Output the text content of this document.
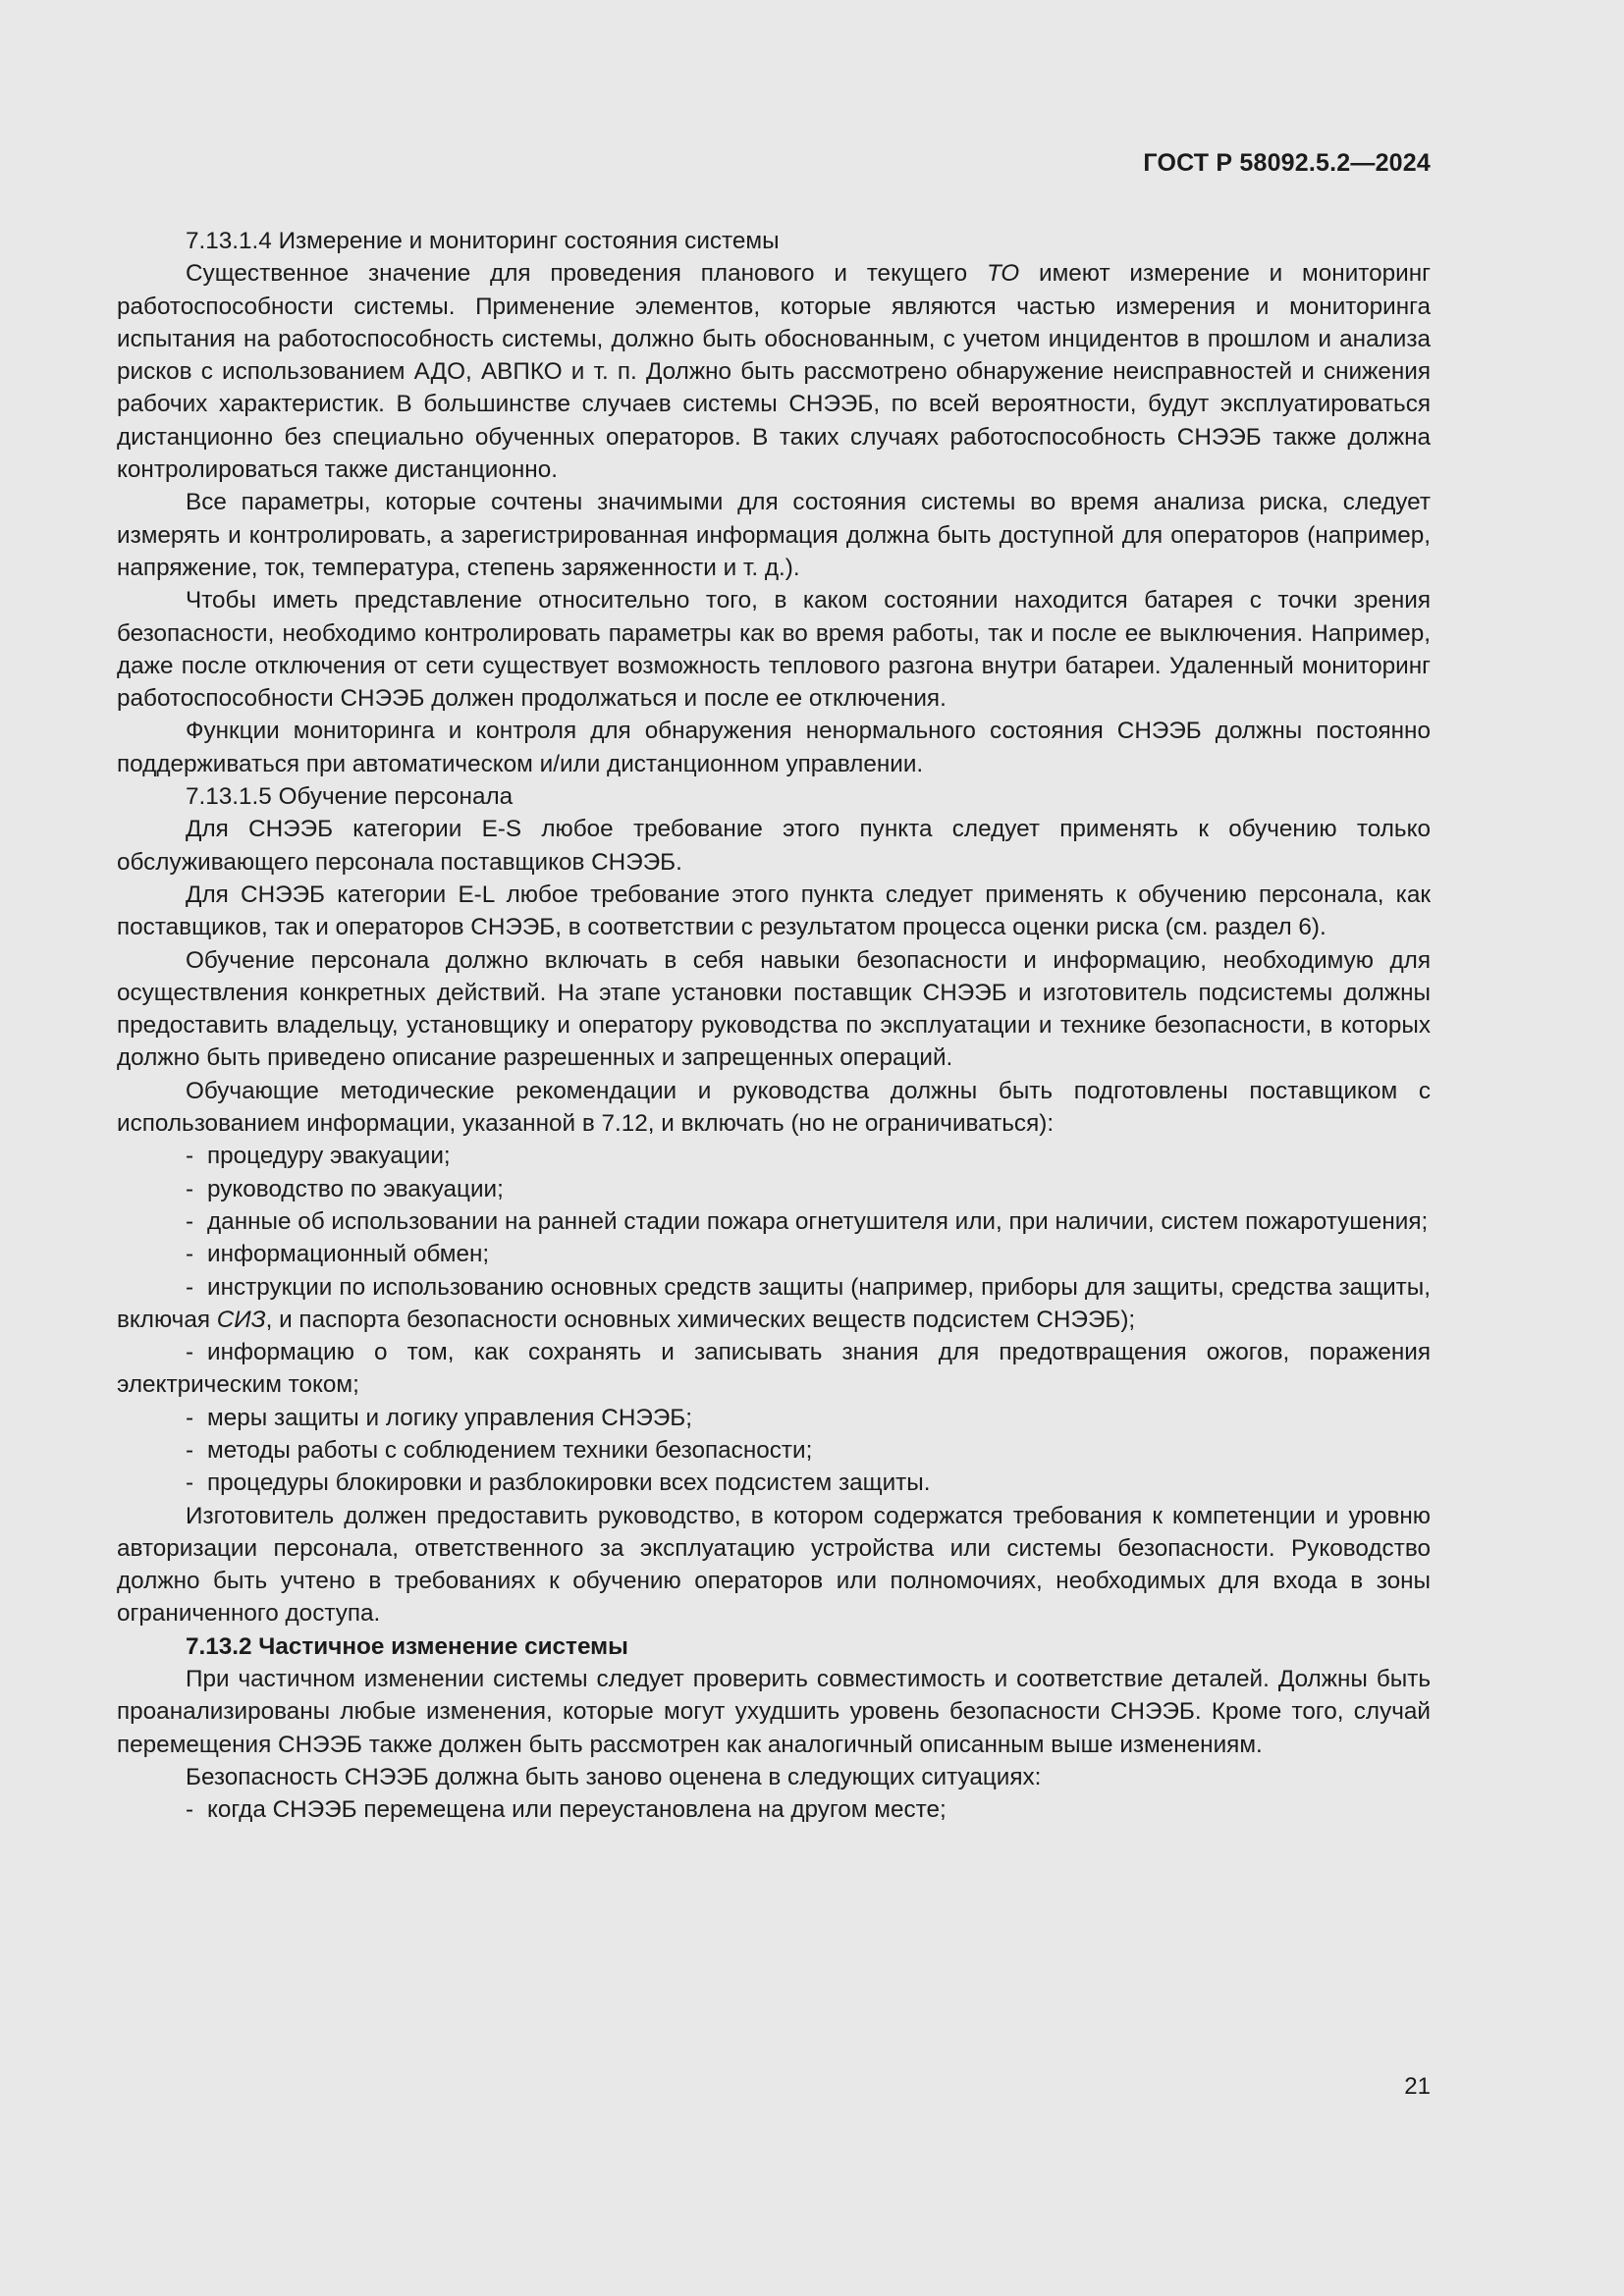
ГОСТ Р 58092.5.2—2024

7.13.1.4 Измерение и мониторинг состояния системы

Существенное значение для проведения планового и текущего ТО имеют измерение и мониторинг работоспособности системы. Применение элементов, которые являются частью измерения и мониторинга испытания на работоспособность системы, должно быть обоснованным, с учетом инцидентов в прошлом и анализа рисков с использованием АДО, АВПКО и т. п. Должно быть рассмотрено обнаружение неисправностей и снижения рабочих характеристик. В большинстве случаев системы СНЭЭБ, по всей вероятности, будут эксплуатироваться дистанционно без специально обученных операторов. В таких случаях работоспособность СНЭЭБ также должна контролироваться также дистанционно.

Все параметры, которые сочтены значимыми для состояния системы во время анализа риска, следует измерять и контролировать, а зарегистрированная информация должна быть доступной для операторов (например, напряжение, ток, температура, степень заряженности и т. д.).

Чтобы иметь представление относительно того, в каком состоянии находится батарея с точки зрения безопасности, необходимо контролировать параметры как во время работы, так и после ее выключения. Например, даже после отключения от сети существует возможность теплового разгона внутри батареи. Удаленный мониторинг работоспособности СНЭЭБ должен продолжаться и после ее отключения.

Функции мониторинга и контроля для обнаружения ненормального состояния СНЭЭБ должны постоянно поддерживаться при автоматическом и/или дистанционном управлении.

7.13.1.5 Обучение персонала

Для СНЭЭБ категории E-S любое требование этого пункта следует применять к обучению только обслуживающего персонала поставщиков СНЭЭБ.

Для СНЭЭБ категории E-L любое требование этого пункта следует применять к обучению персонала, как поставщиков, так и операторов СНЭЭБ, в соответствии с результатом процесса оценки риска (см. раздел 6).

Обучение персонала должно включать в себя навыки безопасности и информацию, необходимую для осуществления конкретных действий. На этапе установки поставщик СНЭЭБ и изготовитель подсистемы должны предоставить владельцу, установщику и оператору руководства по эксплуатации и технике безопасности, в которых должно быть приведено описание разрешенных и запрещенных операций.

Обучающие методические рекомендации и руководства должны быть подготовлены поставщиком с использованием информации, указанной в 7.12, и включать (но не ограничиваться):

- процедуру эвакуации;

- руководство по эвакуации;

- данные об использовании на ранней стадии пожара огнетушителя или, при наличии, систем пожаротушения;

- информационный обмен;

- инструкции по использованию основных средств защиты (например, приборы для защиты, средства защиты, включая СИЗ, и паспорта безопасности основных химических веществ подсистем СНЭЭБ);

- информацию о том, как сохранять и записывать знания для предотвращения ожогов, поражения электрическим током;

- меры защиты и логику управления СНЭЭБ;

- методы работы с соблюдением техники безопасности;

- процедуры блокировки и разблокировки всех подсистем защиты.

Изготовитель должен предоставить руководство, в котором содержатся требования к компетенции и уровню авторизации персонала, ответственного за эксплуатацию устройства или системы безопасности. Руководство должно быть учтено в требованиях к обучению операторов или полномочиях, необходимых для входа в зоны ограниченного доступа.

7.13.2 Частичное изменение системы

При частичном изменении системы следует проверить совместимость и соответствие деталей. Должны быть проанализированы любые изменения, которые могут ухудшить уровень безопасности СНЭЭБ. Кроме того, случай перемещения СНЭЭБ также должен быть рассмотрен как аналогичный описанным выше изменениям.

Безопасность СНЭЭБ должна быть заново оценена в следующих ситуациях:

- когда СНЭЭБ перемещена или переустановлена на другом месте;

21
